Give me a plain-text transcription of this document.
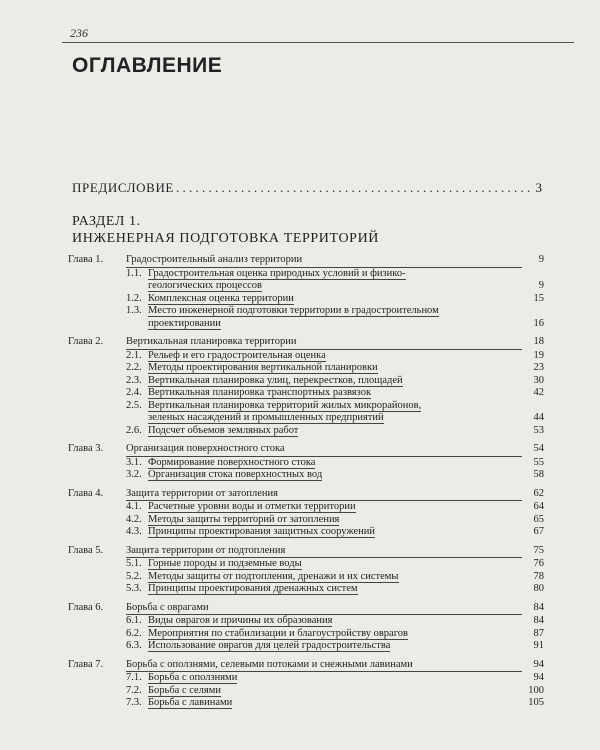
236
ОГЛАВЛЕНИЕ
ПРЕДИСЛОВИЕ . . .	3
РАЗДЕЛ 1.
ИНЖЕНЕРНАЯ ПОДГОТОВКА ТЕРРИТОРИЙ
Глава 1.	Градостроительный анализ территории	9
1.1. Градостроительная оценка природных условий и физико-
геологических процессов	9
1.2. Комплексная оценка территории	15
1.3. Место инженерной подготовки территории в градостроительном
проектировании	16
Глава 2.	Вертикальная планировка территории	18
2.1. Рельеф и его градостроительная оценка	19
2.2. Методы проектирования вертикальной планировки	23
2.3. Вертикальная планировка улиц, перекрестков, площадей	30
2.4. Вертикальная планировка транспортных развязок	42
2.5. Вертикальная планировка территорий жилых микрорайонов,
зеленых насаждений и промышленных предприятий	44
2.6. Подсчет объемов земляных работ	53
Глава 3.	Организация поверхностного стока	54
3.1. Формирование поверхностного стока	55
3.2. Организация стока поверхностных вод	58
Глава 4.	Защита территории от затопления	62
4.1. Расчетные уровни воды и отметки территории	64
4.2. Методы защиты территорий от затопления	65
4.3. Принципы проектирования защитных сооружений	67
Глава 5.	Защита территории от подтопления	75
5.1. Горные породы и подземные воды	76
5.2. Методы защиты от подтопления, дренажи и их системы	78
5.3. Принципы проектирования дренажных систем	80
Глава 6.	Борьба с оврагами	84
6.1. Виды оврагов и причины их образования	84
6.2. Мероприятия по стабилизации и благоустройству оврагов	87
6.3. Использование оврагов для целей градостроительства	91
Глава 7.	Борьба с оползнями, селевыми потоками и снежными лавинами	94
7.1. Борьба с оползнями	94
7.2. Борьба с селями	100
7.3. Борьба с лавинами	105
